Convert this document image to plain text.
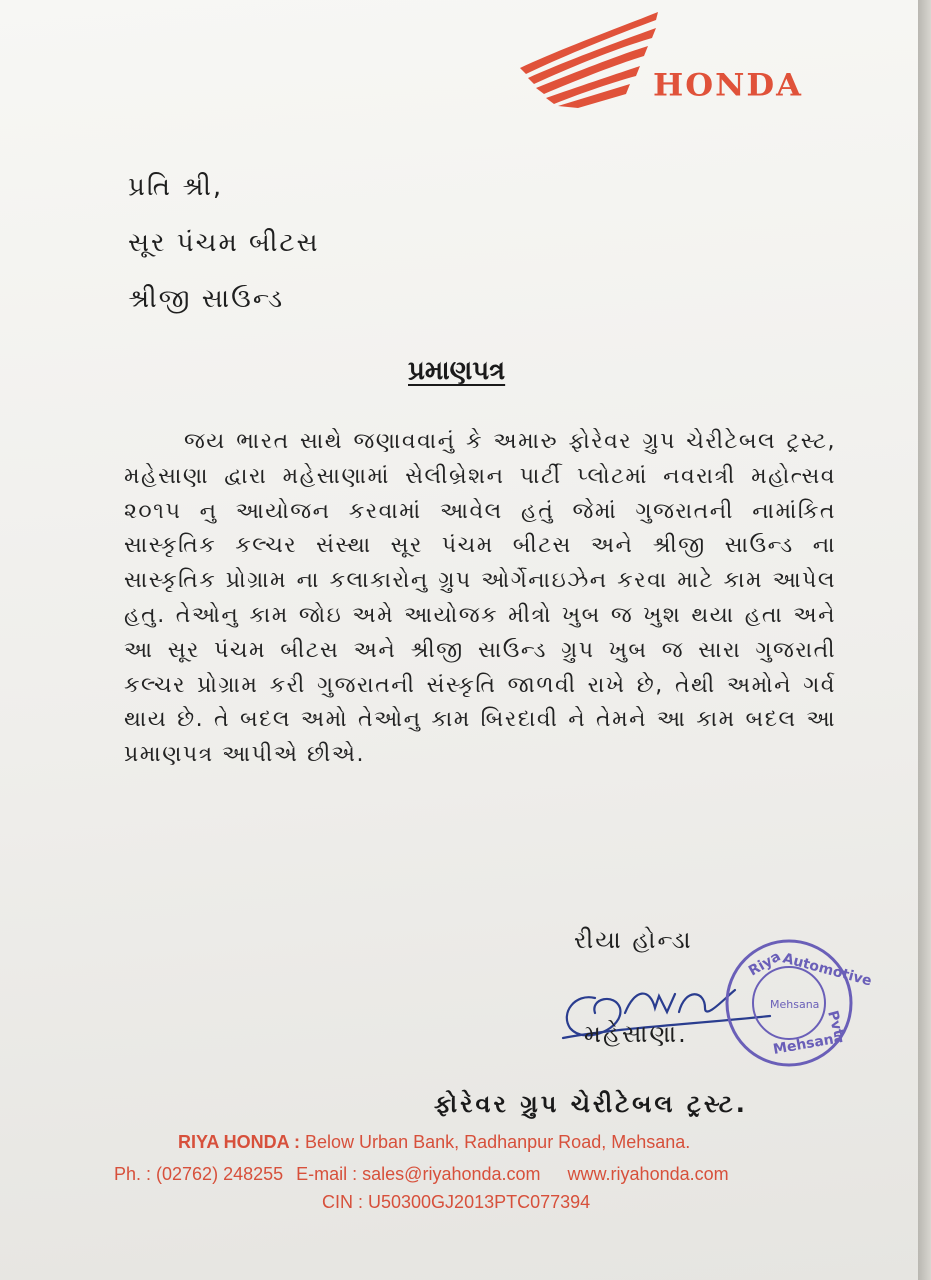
HONDA
પ્રતિ શ્રી,
સૂર પંચમ બીટસ
શ્રીજી સાઉન્ડ
પ્રમાણપત્ર
જય ભારત સાથે જણાવવાનું કે અમારુ ફોરેવર ગ્રુપ ચેરીટેબલ ટ્રસ્ટ, મહેસાણા દ્વારા મહેસાણામાં સેલીબ્રેશન પાર્ટી પ્લોટમાં નવરાત્રી મહોત્સવ ૨૦૧૫ નુ આયોજન કરવામાં આવેલ હતું જેમાં ગુજરાતની નામાંકિત સાસ્કૃતિક કલ્ચર સંસ્થા સૂર પંચમ બીટસ અને શ્રીજી સાઉન્ડ ના સાસ્કૃતિક પ્રોગ્રામ ના કલાકારોનુ ગ્રુપ ઓર્ગેનાઇઝેન કરવા માટે કામ આપેલ હતુ. તેઓનુ કામ જોઇ અમે આયોજક મીત્રો ખુબ જ ખુશ થયા હતા અને આ સૂર પંચમ બીટસ અને શ્રીજી સાઉન્ડ ગ્રુપ ખુબ જ સારા ગુજરાતી કલ્ચર પ્રોગ્રામ કરી ગુજરાતની સંસ્કૃતિ જાળવી રાખે છે, તેથી અમોને ગર્વ થાય છે. તે બદલ અમો તેઓનુ કામ બિરદાવી ને તેમને આ કામ બદલ આ પ્રમાણપત્ર આપીએ છીએ.
રીયા હોન્ડા
Riya
Automotive
Pvt
Mehsana
Mehsana
મહેસાણા.
ફોરેવર ગ્રુપ ચેરીટેબલ ટ્રસ્ટ.
RIYA HONDA : Below Urban Bank, Radhanpur Road, Mehsana.
Ph. : (02762) 248255 E-mail : sales@riyahonda.com www.riyahonda.com
CIN : U50300GJ2013PTC077394
